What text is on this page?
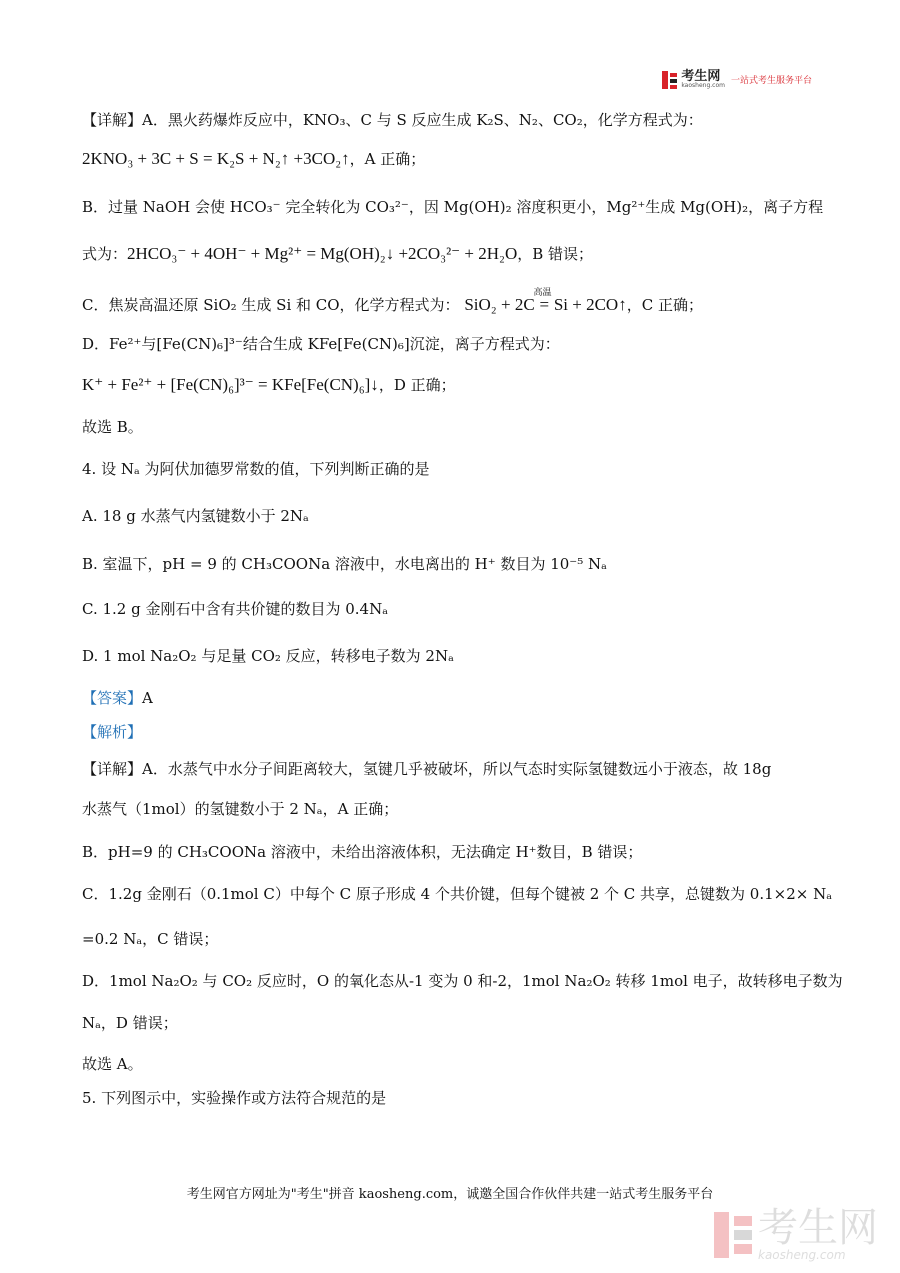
考生网
kaosheng.com 一站式考生服务平台
【详解】A．黑火药爆炸反应中，KNO₃、C 与 S 反应生成 K₂S、N₂、CO₂，化学方程式为：
2KNO₃ + 3C + S = K₂S + N₂↑ +3CO₂↑，A 正确；
B．过量 NaOH 会使 HCO₃⁻ 完全转化为 CO₃²⁻，因 Mg(OH)₂ 溶度积更小，Mg²⁺生成 Mg(OH)₂，离子方程
式为：2HCO₃⁻ + 4OH⁻ + Mg²⁺ = Mg(OH)₂↓ +2CO₃²⁻ + 2H₂O，B 错误；
C．焦炭高温还原 SiO₂ 生成 Si 和 CO，化学方程式为： SiO₂ + 2C =
高温
Si + 2CO↑，C 正确；
D．Fe²⁺与[Fe(CN)₆]³⁻结合生成 KFe[Fe(CN)₆]沉淀，离子方程式为：
K⁺ + Fe²⁺ + [Fe(CN)₆]³⁻ = KFe[Fe(CN)₆]↓，D 正确；
故选 B。
4. 设 Nₐ 为阿伏加德罗常数的值，下列判断正确的是
A. 18 g 水蒸气内氢键数小于 2Nₐ
B. 室温下，pH = 9 的 CH₃COONa 溶液中，水电离出的 H⁺ 数目为 10⁻⁵ Nₐ
C. 1.2 g 金刚石中含有共价键的数目为 0.4Nₐ
D. 1 mol Na₂O₂ 与足量 CO₂ 反应，转移电子数为 2Nₐ
【答案】A
【解析】
【详解】A．水蒸气中水分子间距离较大，氢键几乎被破坏，所以气态时实际氢键数远小于液态，故 18g
水蒸气（1mol）的氢键数小于 2 Nₐ，A 正确；
B．pH=9 的 CH₃COONa 溶液中，未给出溶液体积，无法确定 H⁺数目，B 错误；
C．1.2g 金刚石（0.1mol C）中每个 C 原子形成 4 个共价键，但每个键被 2 个 C 共享，总键数为 0.1×2× Nₐ
=0.2 Nₐ，C 错误；
D．1mol Na₂O₂ 与 CO₂ 反应时，O 的氧化态从-1 变为 0 和-2，1mol Na₂O₂ 转移 1mol 电子，故转移电子数为
Nₐ，D 错误；
故选 A。
5. 下列图示中，实验操作或方法符合规范的是
考生网官方网址为"考生"拼音 kaosheng.com，诚邀全国合作伙伴共建一站式考生服务平台
考生网
kaosheng.com
